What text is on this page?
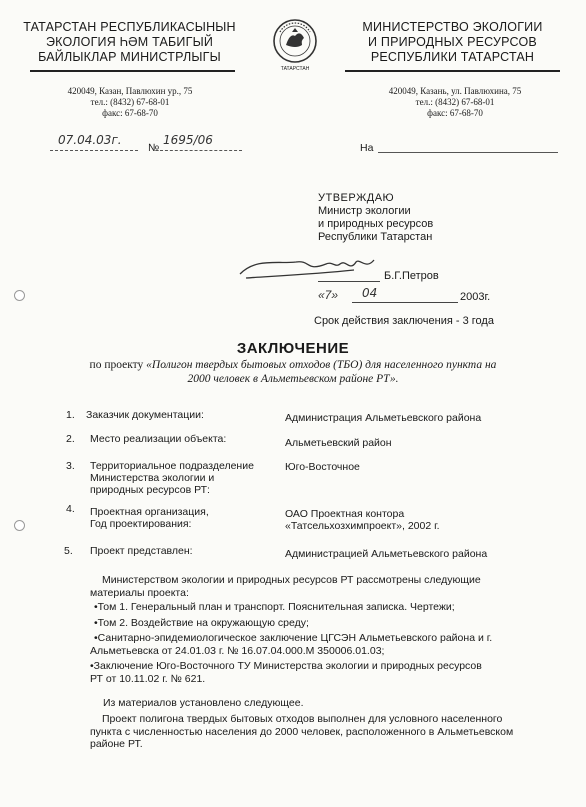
ТАТАРСТАН РЕСПУБЛИКАСЫНЫН
ЭКОЛОГИЯ ҺӘМ ТАБИГЫЙ
БАЙЛЫКЛАР МИНИСТРЛЫГЫ
420049, Казан, Павлюхин ур., 75
тел.: (8432) 67-68-01
факс: 67-68-70
ТАТАРСТАН
МИНИСТЕРСТВО ЭКОЛОГИИ
И ПРИРОДНЫХ РЕСУРСОВ
РЕСПУБЛИКИ ТАТАРСТАН
420049, Казань, ул. Павлюхина, 75
тел.: (8432) 67-68-01
факс: 67-68-70
07.04.03г.
№
1695/06
На
УТВЕРЖДАЮ
Министр экологии
и природных ресурсов
Республики Татарстан
Б.Г.Петров
«7» 04	2003г.
Срок действия заключения - 3 года
ЗАКЛЮЧЕНИЕ
по проекту «Полигон твердых бытовых отходов (ТБО) для населенного пункта на
2000 человек в Альметьевском районе РТ».
1. Заказчик документации:	Администрация Альметьевского района
2. Место реализации объекта:	Альметьевский район
3. Территориальное подразделение
Министерства экологии и
природных ресурсов РТ:
Юго-Восточное
4. Проектная организация,
Год проектирования:
ОАО Проектная контора
«Татсельхозхимпроект», 2002 г.
5. Проект представлен:	Администрацией Альметьевского района
Министерством экологии и природных ресурсов РТ рассмотрены следующие
материалы проекта:
•Том 1. Генеральный план и транспорт. Пояснительная записка. Чертежи;
•Том 2. Воздействие на окружающую среду;
•Санитарно-эпидемиологическое заключение ЦГСЭН Альметьевского района и г.
Альметьевска от 24.01.03 г. № 16.07.04.000.М 350006.01.03;
•Заключение Юго-Восточного ТУ Министерства экологии и природных ресурсов
РТ от 10.11.02 г. № 621.
Из материалов установлено следующее.
Проект полигона твердых бытовых отходов выполнен для условного населенного
пункта с численностью населения до 2000 человек, расположенного в Альметьевском
районе РТ.
